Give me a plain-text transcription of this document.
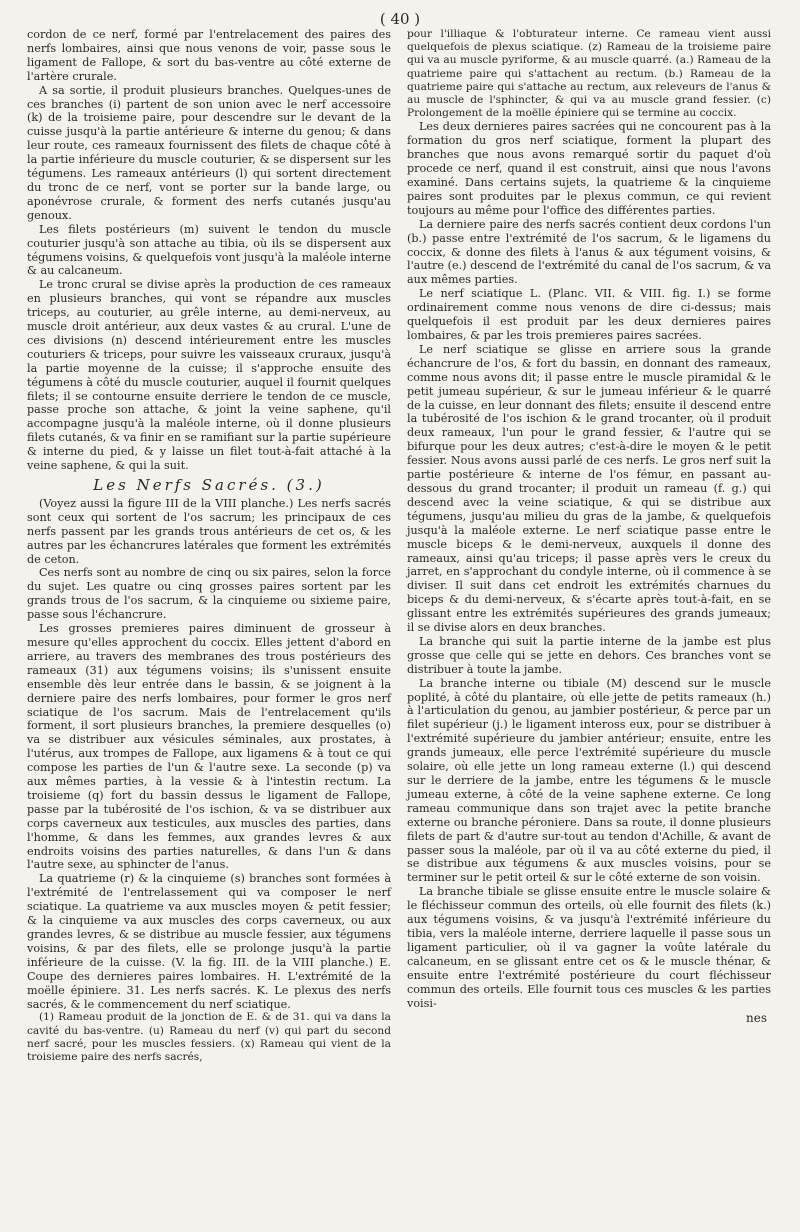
( 40 )

cordon de ce nerf, formé par l'entrelacement des paires des nerfs lombaires, ainsi que nous venons de voir, passe sous le ligament de Fallope, & sort du bas-ventre au côté externe de l'artère crurale.

A sa sortie, il produit plusieurs branches. Quelques-unes de ces branches (i) partent de son union avec le nerf accessoire (k) de la troisieme paire, pour descendre sur le devant de la cuisse jusqu'à la partie antérieure & interne du genou; & dans leur route, ces rameaux fournissent des filets de chaque côté à la partie inférieure du muscle couturier, & se dispersent sur les tégumens. Les rameaux antérieurs (l) qui sortent directement du tronc de ce nerf, vont se porter sur la bande large, ou aponévrose crurale, & forment des nerfs cutanés jusqu'au genoux.

Les filets postérieurs (m) suivent le tendon du muscle couturier jusqu'à son attache au tibia, où ils se dispersent aux tégumens voisins, & quelquefois vont jusqu'à la maléole interne & au calcaneum.

Le tronc crural se divise après la production de ces rameaux en plusieurs branches, qui vont se répandre aux muscles triceps, au couturier, au grêle interne, au demi-nerveux, au muscle droit antérieur, aux deux vastes & au crural. L'une de ces divisions (n) descend intérieurement entre les muscles couturiers & triceps, pour suivre les vaisseaux cruraux, jusqu'à la partie moyenne de la cuisse; il s'approche ensuite des tégumens à côté du muscle couturier, auquel il fournit quelques filets; il se contourne ensuite derriere le tendon de ce muscle, passe proche son attache, & joint la veine saphene, qu'il accompagne jusqu'à la maléole interne, où il donne plusieurs filets cutanés, & va finir en se ramifiant sur la partie supérieure & interne du pied, & y laisse un filet tout-à-fait attaché à la veine saphene, & qui la suit.

Les Nerfs Sacrés. (3.)

(Voyez aussi la figure III de la VIII planche.) Les nerfs sacrés sont ceux qui sortent de l'os sacrum; les principaux de ces nerfs passent par les grands trous antérieurs de cet os, & les autres par les échancrures latérales que forment les extrémités de ceton.

Ces nerfs sont au nombre de cinq ou six paires, selon la force du sujet. Les quatre ou cinq grosses paires sortent par les grands trous de l'os sacrum, & la cinquieme ou sixieme paire, passe sous l'échancrure.

Les grosses premieres paires diminuent de grosseur à mesure qu'elles approchent du coccix. Elles jettent d'abord en arriere, au travers des membranes des trous postérieurs des rameaux (31) aux tégumens voisins; ils s'unissent ensuite ensemble dès leur entrée dans le bassin, & se joignent à la derniere paire des nerfs lombaires, pour former le gros nerf sciatique de l'os sacrum. Mais de l'entrelacement qu'ils forment, il sort plusieurs branches, la premiere desquelles (o) va se distribuer aux vésicules séminales, aux prostates, à l'utérus, aux trompes de Fallope, aux ligamens & à tout ce qui compose les parties de l'un & l'autre sexe. La seconde (p) va aux mêmes parties, à la vessie & à l'intestin rectum. La troisieme (q) fort du bassin dessus le ligament de Fallope, passe par la tubérosité de l'os ischion, & va se distribuer aux corps caverneux aux testicules, aux muscles des parties, dans l'homme, & dans les femmes, aux grandes levres & aux endroits voisins des parties naturelles, & dans l'un & dans l'autre sexe, au sphincter de l'anus.

La quatrieme (r) & la cinquieme (s) branches sont formées à l'extrémité de l'entrelassement qui va composer le nerf sciatique. La quatrieme va aux muscles moyen & petit fessier; & la cinquieme va aux muscles des corps caverneux, ou aux grandes levres, & se distribue au muscle fessier, aux tégumens voisins, & par des filets, elle se prolonge jusqu'à la partie inférieure de la cuisse. (V. la fig. III. de la VIII planche.) E. Coupe des dernieres paires lombaires. H. L'extrémité de la moëlle épiniere. 31. Les nerfs sacrés. K. Le plexus des nerfs sacrés, & le commencement du nerf sciatique.

(1) Rameau produit de la jonction de E. & de 31. qui va dans la cavité du bas-ventre. (u) Rameau du nerf (v) qui part du second nerf sacré, pour les muscles fessiers. (x) Rameau qui vient de la troisieme paire des nerfs sacrés,

pour l'illiaque & l'obturateur interne. Ce rameau vient aussi quelquefois de plexus sciatique. (z) Rameau de la troisieme paire qui va au muscle pyriforme, & au muscle quarré. (a.) Rameau de la quatrieme paire qui s'attachent au rectum. (b.) Rameau de la quatrieme paire qui s'attache au rectum, aux releveurs de l'anus & au muscle de l'sphincter, & qui va au muscle grand fessier. (c) Prolongement de la moëlle épiniere qui se termine au coccix.

Les deux dernieres paires sacrées qui ne concourent pas à la formation du gros nerf sciatique, forment la plupart des branches que nous avons remarqué sortir du paquet d'où procede ce nerf, quand il est construit, ainsi que nous l'avons examiné. Dans certains sujets, la quatrieme & la cinquieme paires sont produites par le plexus commun, ce qui revient toujours au même pour l'office des différentes parties.

La derniere paire des nerfs sacrés contient deux cordons l'un (b.) passe entre l'extrémité de l'os sacrum, & le ligamens du coccix, & donne des filets à l'anus & aux tégument voisins, & l'autre (e.) descend de l'extrémité du canal de l'os sacrum, & va aux mêmes parties.

Le nerf sciatique L. (Planc. VII. & VIII. fig. I.) se forme ordinairement comme nous venons de dire ci-dessus; mais quelquefois il est produit par les deux dernieres paires lombaires, & par les trois premieres paires sacrées.

Le nerf sciatique se glisse en arriere sous la grande échancrure de l'os, & fort du bassin, en donnant des rameaux, comme nous avons dit; il passe entre le muscle piramidal & le petit jumeau supérieur, & sur le jumeau inférieur & le quarré de la cuisse, en leur donnant des filets; ensuite il descend entre la tubérosité de l'os ischion & le grand trocanter, où il produit deux rameaux, l'un pour le grand fessier, & l'autre qui se bifurque pour les deux autres; c'est-à-dire le moyen & le petit fessier. Nous avons aussi parlé de ces nerfs. Le gros nerf suit la partie postérieure & interne de l'os fémur, en passant au-dessous du grand trocanter; il produit un rameau (f. g.) qui descend avec la veine sciatique, & qui se distribue aux tégumens, jusqu'au milieu du gras de la jambe, & quelquefois jusqu'à la maléole externe. Le nerf sciatique passe entre le muscle biceps & le demi-nerveux, auxquels il donne des rameaux, ainsi qu'au triceps; il passe après vers le creux du jarret, en s'approchant du condyle interne, où il commence à se diviser. Il suit dans cet endroit les extrémités charnues du biceps & du demi-nerveux, & s'écarte après tout-à-fait, en se glissant entre les extrémités supérieures des grands jumeaux; il se divise alors en deux branches.

La branche qui suit la partie interne de la jambe est plus grosse que celle qui se jette en dehors. Ces branches vont se distribuer à toute la jambe.

La branche interne ou tibiale (M) descend sur le muscle poplité, à côté du plantaire, où elle jette de petits rameaux (h.) à l'articulation du genou, au jambier postérieur, & perce par un filet supérieur (j.) le ligament inteross eux, pour se distribuer à l'extrémité supérieure du jambier antérieur; ensuite, entre les grands jumeaux, elle perce l'extrémité supérieure du muscle solaire, où elle jette un long rameau externe (l.) qui descend sur le derriere de la jambe, entre les tégumens & le muscle jumeau externe, à côté de la veine saphene externe. Ce long rameau communique dans son trajet avec la petite branche externe ou branche péroniere. Dans sa route, il donne plusieurs filets de part & d'autre sur-tout au tendon d'Achille, & avant de passer sous la maléole, par où il va au côté externe du pied, il se distribue aux tégumens & aux muscles voisins, pour se terminer sur le petit orteil & sur le côté externe de son voisin.

La branche tibiale se glisse ensuite entre le muscle solaire & le fléchisseur commun des orteils, où elle fournit des filets (k.) aux tégumens voisins, & va jusqu'à l'extrémité inférieure du tibia, vers la maléole interne, derriere laquelle il passe sous un ligament particulier, où il va gagner la voûte latérale du calcaneum, en se glissant entre cet os & le muscle thénar, & ensuite entre l'extrémité postérieure du court fléchisseur commun des orteils. Elle fournit tous ces muscles & les parties voisi-

nes
